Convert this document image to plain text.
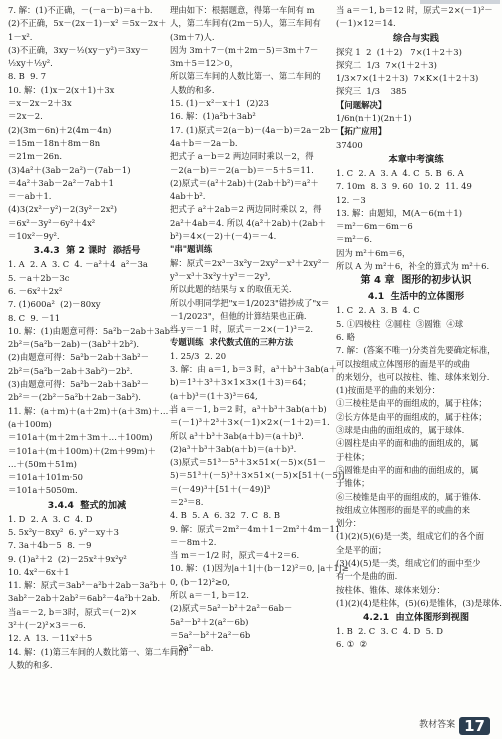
7. 解：(1)不正确，－(－a－b)＝a＋b.
(2)不正确，5x－(2x－1)－x² ＝5x－2x＋
1－x².
(3)不正确，3xy－½(xy－y²)＝3xy－
½xy＋½y².
8. B  9. 7
10. 解：(1)x－2(x＋1)＋3x
＝x－2x－2＋3x
＝2x－2.
(2)(3m－6n)＋2(4m－4n)
＝15m－18n＋8m－8n
＝21m－26n.
(3)4a²＋(3ab－2a²)－(7ab－1)
＝4a²＋3ab－2a²－7ab＋1
＝－ab＋1.
(4)3(2x²－y²)－2(3y²－2x²)
＝6x²－3y²－6y²＋4x²
＝10x²－9y².
3.4.3  第 2 课时  添括号
1. A  2. A  3. C  4. －a²＋4  a²－3a
5. －a＋2b－3c
6. －6x²＋2x²
7. (1)600a²  (2)－80xy
8. C  9. －11
10. 解：(1)由题意可得：5a²b－2ab＋3ab²－
2b²＝(5a²b－2ab)－(3ab²＋2b²).
(2)由题意可得：5a²b－2ab＋3ab²－
2b²＝(5a²b－2ab＋3ab²)－2b².
(3)由题意可得：5a²b－2ab＋3ab²－
2b²＝－(2b²－5a²b＋2ab－3ab²).
11. 解：(a＋m)＋(a＋2m)＋(a＋3m)＋…＋
(a＋100m)
＝101a＋(m＋2m＋3m＋…＋100m)
＝101a＋(m＋100m)＋(2m＋99m)＋
…＋(50m＋51m)
＝101a＋101m·50
＝101a＋5050m.
3.4.4  整式的加减
1. D  2. A  3. C  4. D
5. 5x²y－8xy²  6. y²－xy＋3
7. 3a＋4b－5  8. －9
9. (1)a²＋2  (2)－25x²＋9x²y²
10. 4x²－6x＋1
11. 解：原式＝3ab²－a²b＋2ab－3a²b＋
3ab²－2ab＋2ab²＝6ab²－4a²b＋2ab.
当a＝－2, b＝3时，原式＝(－2)×
3²＋(－2)²×3＝－6.
12. A  13. －11x²＋5
14. 解：(1)第三车间的人数比第一、第二车间的
人数的和多.
理由如下：根据题意，得第一车间有 m
人，第二车间有(2m－5)人，第三车间有
(3m＋7)人.
因为 3m＋7－(m＋2m－5)＝3m＋7－
3m＋5＝12＞0，
所以第三车间的人数比第一、第二车间的
人数的和多.
15. (1)－x²－x＋1  (2)23
16. 解：(1)a²b＋3ab²
17. (1)原式＝2(a－b)－(4a－b)＝2a－2b－
4a＋b＝－2a－b.
把式子 a－b＝2 两边同时乘以－2，得
－2(a－b)＝－2(a－b)＝－5＋5＝11.
(2)原式＝(a²＋2ab)＋(2ab＋b²)＝a²＋
4ab＋b².
把式子 a²＋2ab＝2 两边同时乘以 2，得
2a²＋4ab＝4. 所以 4(a²＋2ab)＋(2ab＋
b²)＝4×(－2)＋(－4)＝－4.
"串"题训练
解：原式＝2x³－3x²y－2xy²－x³＋2xy²－
y³－x³＋3x²y＋y³＝－2y³,
所以此题的结果与 x 的取值无关.
所以小明同学把"x＝1/2023"错抄成了"x＝
－1/2023"，但他的计算结果也正确.
当 y＝－1 时，原式＝－2×(－1)³＝2.
专题训练  求代数式值的三种方法
1. 25/3  2. 20
3. 解：由 a＝1, b＝3 时，a³＋b³＋3ab(a＋
b)＝1³＋3³＋3×1×3×(1＋3)＝64；
(a＋b)³＝(1＋3)³＝64,
当 a＝－1, b＝2 时，a³＋b³＋3ab(a＋b)
＝(－1)³＋2³＋3×(－1)×2×(－1＋2)＝1.
所以 a³＋b³＋3ab(a＋b)＝(a＋b)³.
(2)a³＋b³＋3ab(a＋b)＝(a＋b)³.
(3)原式＝51³－5³＋3×51×(－5)×(51－
5)＝51³＋(－5)³＋3×51×(－5)×[51＋(－5)]
＝(－49)³＋[51＋(－49)]³
＝2³＝8.
4. B  5. A  6. 32  7. C  8. B
9. 解：原式＝2m²－4m＋1－2m²＋4m－11
＝－8m＋2.
当 m＝－1/2 时，原式＝4＋2＝6.
10. 解：(1)因为|a＋1|＋(b－12)²＝0, |a＋1|≥
0, (b－12)²≥0,
所以 a＝－1, b＝12.
(2)原式＝5a²－b²＋2a²－6ab－
5a²－b²＋2(a²－6b)
＝5a²－b²＋2a²－6b
＝2a²－ab.
当 a＝－1, b＝12 时，原式＝2×(－1)²－
(－1)×12＝14.
综合与实践
探究 1  2  (1＋2)   7×(1＋2＋3)
探究二  1/3  7×(1＋2＋3)
1/3×7×(1＋2＋3)  7×K×(1＋2＋3)
探究三  1/3    385
【问题解决】
1/6n(n＋1)(2n＋1)
【拓广应用】
37400
本章中考演练
1. C  2. A  3. A  4. C  5. B  6. A
7. 10m  8. 3  9. 60  10. 2  11. 49
12. －3
13. 解：由题知，M(A－6(m＋1)
＝m²－6m－6m－6
＝m²－6.
因为 m²＋6m＝6，
所以 A 为 m²＋6，补全的算式为 m²＋6.
第 4 章  图形的初步认识
4.1  生活中的立体图形
1. C  2. A  3. B  4. C
5. ①四棱柱  ②圆柱  ③圆锥  ④球
6. 略
7. 解：(答案不唯一)分类首先要确定标准，
可以按组成立体图形的面是平的或曲
的来划分，也可以按柱、锥、球体来划分.
(1)按面是平的曲的来划分：
①三棱柱是由平的面组成的，属于柱体；
②长方体是由平的面组成的，属于柱体；
③球是由曲的面组成的，属于球体.
④圆柱是由平的面和曲的面组成的，属
于柱体；
⑤圆锥是由平的面和曲的面组成的，属
于锥体；
⑥三棱锥是由平的面组成的，属于锥体.
按组成立体图形的面是平的或曲的来
划分：
(1)(2)(5)(6)是一类，组成它们的各个面
全是平的面；
(3)(4)(5)是一类，组成它们的面中至少
有一个是曲的面.
按柱体、锥体、球体来划分：
(1)(2)(4)是柱体，(5)(6)是锥体，(3)是球体.
4.2.1  由立体图形到视图
1. B  2. C  3. C  4. D  5. D
6. ①  ②
教材答案 17
